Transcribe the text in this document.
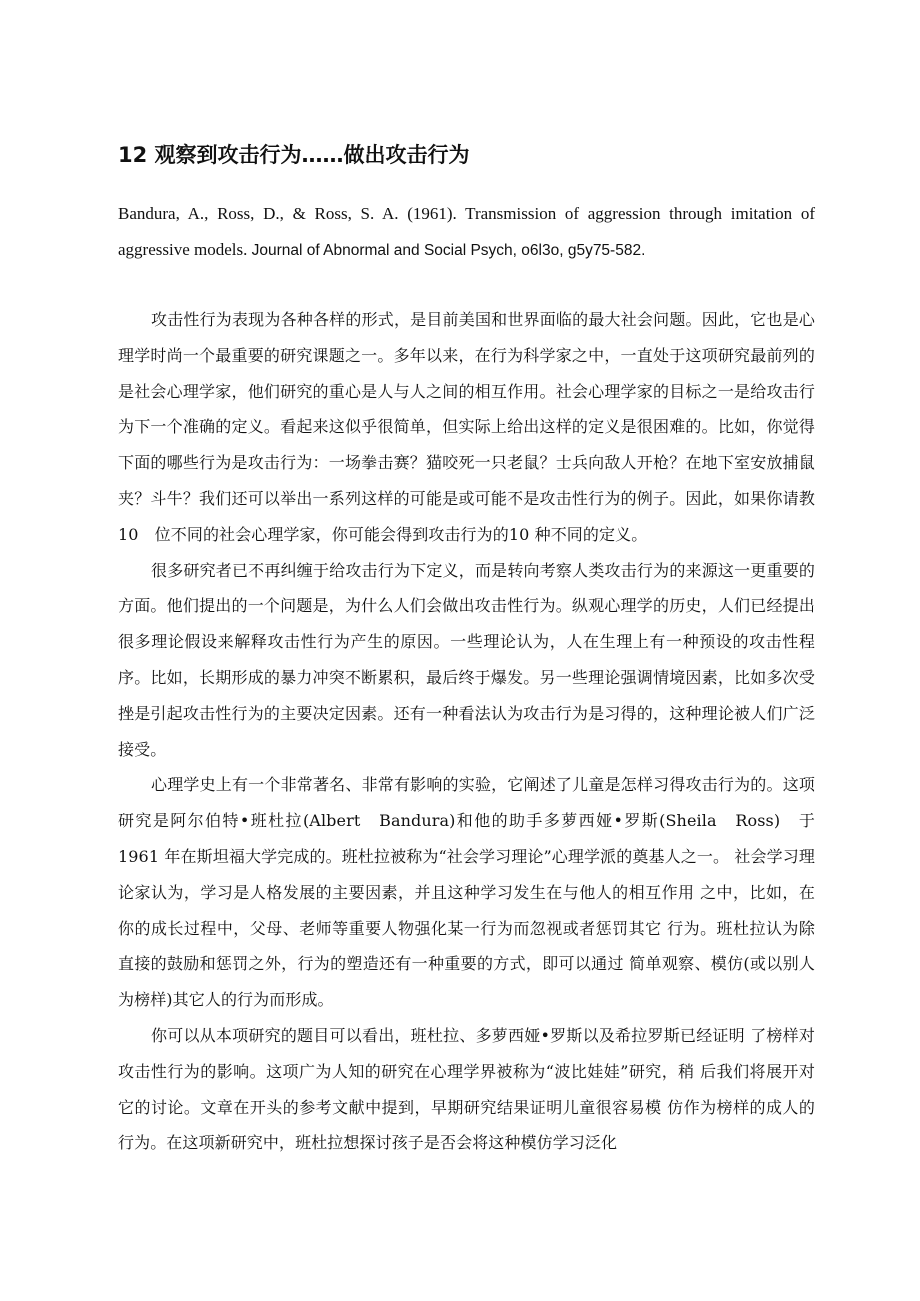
12 观察到攻击行为……做出攻击行为

Bandura, A., Ross, D., & Ross, S. A. (1961). Transmission of aggression through imitation of aggressive models. Journal of Abnormal and Social Psych, o6l3o, g5y75-582.

攻击性行为表现为各种各样的形式，是目前美国和世界面临的最大社会问题。因此，它也是心理学时尚一个最重要的研究课题之一。多年以来，在行为科学家之中，一直处于这项研究最前列的是社会心理学家，他们研究的重心是人与人之间的相互作用。社会心理学家的目标之一是给攻击行为下一个准确的定义。看起来这似乎很简单，但实际上给出这样的定义是很困难的。比如，你觉得下面的哪些行为是攻击行为：一场拳击赛？猫咬死一只老鼠？士兵向敌人开枪？在地下室安放捕鼠夹？斗牛？我们还可以举出一系列这样的可能是或可能不是攻击性行为的例子。因此，如果你请教10　位不同的社会心理学家，你可能会得到攻击行为的10 种不同的定义。

很多研究者已不再纠缠于给攻击行为下定义，而是转向考察人类攻击行为的来源这一更重要的方面。他们提出的一个问题是，为什么人们会做出攻击性行为。纵观心理学的历史，人们已经提出很多理论假设来解释攻击性行为产生的原因。一些理论认为，人在生理上有一种预设的攻击性程序。比如，长期形成的暴力冲突不断累积，最后终于爆发。另一些理论强调情境因素，比如多次受挫是引起攻击性行为的主要决定因素。还有一种看法认为攻击行为是习得的，这种理论被人们广泛接受。

心理学史上有一个非常著名、非常有影响的实验，它阐述了儿童是怎样习得攻击行为的。这项研究是阿尔伯特•班杜拉(Albert　Bandura)和他的助手多萝西娅•罗斯(Sheila　Ross)　于1961 年在斯坦福大学完成的。班杜拉被称为“社会学习理论”心理学派的奠基人之一。 社会学习理论家认为，学习是人格发展的主要因素，并且这种学习发生在与他人的相互作用 之中，比如，在你的成长过程中，父母、老师等重要人物强化某一行为而忽视或者惩罚其它 行为。班杜拉认为除直接的鼓励和惩罚之外，行为的塑造还有一种重要的方式，即可以通过 简单观察、模仿(或以别人为榜样)其它人的行为而形成。

你可以从本项研究的题目可以看出，班杜拉、多萝西娅•罗斯以及希拉罗斯已经证明 了榜样对攻击性行为的影响。这项广为人知的研究在心理学界被称为“波比娃娃”研究，稍 后我们将展开对它的讨论。文章在开头的参考文献中提到，早期研究结果证明儿童很容易模 仿作为榜样的成人的行为。在这项新研究中，班杜拉想探讨孩子是否会将这种模仿学习泛化
